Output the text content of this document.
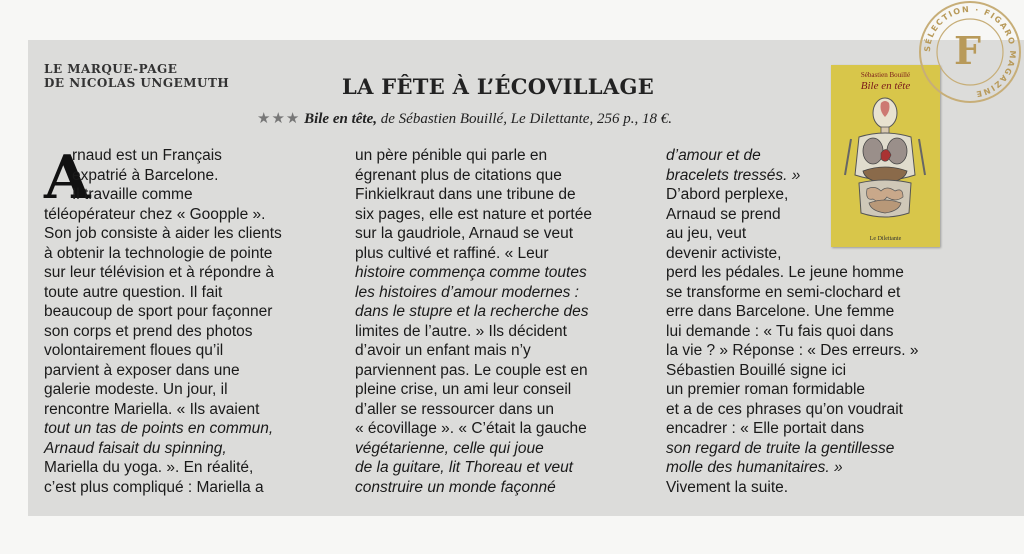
LE MARQUE-PAGE
DE NICOLAS UNGEMUTH	LA FÊTE À L’ÉCOVILLAGE
★★★ Bile en tête, de Sébastien Bouillé, Le Dilettante, 256 p., 18 €.
A
rnaud est un Français
expatrié à Barcelone.
Il travaille comme
téléopérateur chez « Goopple ».
Son job consiste à aider les clients
à obtenir la technologie de pointe
sur leur télévision et à répondre à
toute autre question. Il fait
beaucoup de sport pour façonner
son corps et prend des photos
volontairement floues qu’il
parvient à exposer dans une
galerie modeste. Un jour, il
rencontre Mariella. « Ils avaient
tout un tas de points en commun,
Arnaud faisait du spinning,
Mariella du yoga. ». En réalité,
c’est plus compliqué : Mariella a
un père pénible qui parle en
égrenant plus de citations que
Finkielkraut dans une tribune de
six pages, elle est nature et portée
sur la gaudriole, Arnaud se veut
plus cultivé et raffiné. « Leur
histoire commença comme toutes
les histoires d’amour modernes :
dans le stupre et la recherche des
limites de l’autre. » Ils décident
d’avoir un enfant mais n’y
parviennent pas. Le couple est en
pleine crise, un ami leur conseil
d’aller se ressourcer dans un
« écovillage ». « C’était la gauche
végétarienne, celle qui joue
de la guitare, lit Thoreau et veut
construire un monde façonné
d’amour et de
bracelets tressés. »
D’abord perplexe,
Arnaud se prend
au jeu, veut
devenir activiste,
perd les pédales. Le jeune homme
se transforme en semi-clochard et
erre dans Barcelone. Une femme
lui demande : « Tu fais quoi dans
la vie ? » Réponse : « Des erreurs. »
Sébastien Bouillé signe ici
un premier roman formidable
et a de ces phrases qu’on voudrait
encadrer : « Elle portait dans
son regard de truite la gentillesse
molle des humanitaires. »
Vivement la suite.
Sébastien Bouillé
Bile en tête
Le Dilettante
SÉLECTION · FIGARO MAGAZINE
F
